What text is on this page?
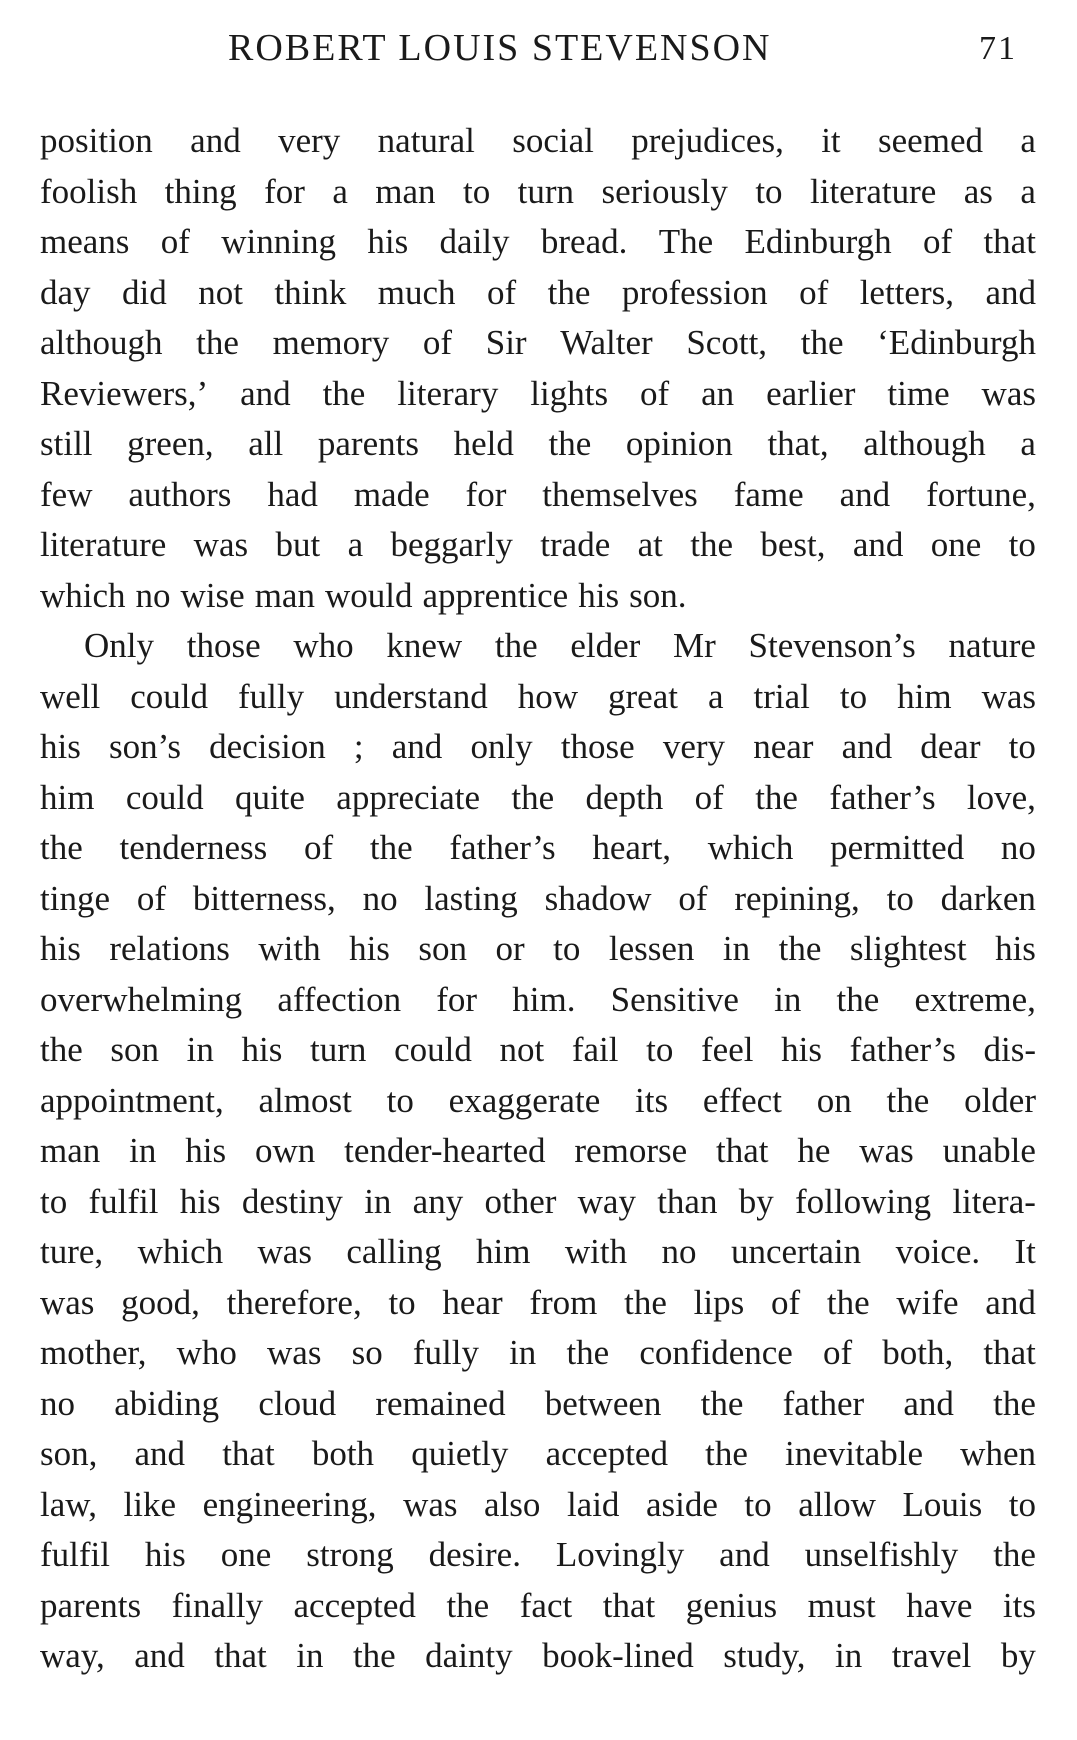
ROBERT LOUIS STEVENSON	71
position and very natural social prejudices, it seemed a
foolish thing for a man to turn seriously to literature as a
means of winning his daily bread. The Edinburgh of that
day did not think much of the profession of letters, and
although the memory of Sir Walter Scott, the ‘Edinburgh
Reviewers,’ and the literary lights of an earlier time was
still green, all parents held the opinion that, although a
few authors had made for themselves fame and fortune,
literature was but a beggarly trade at the best, and one to
which no wise man would apprentice his son.
Only those who knew the elder Mr Stevenson’s nature
well could fully understand how great a trial to him was
his son’s decision ; and only those very near and dear to
him could quite appreciate the depth of the father’s love,
the tenderness of the father’s heart, which permitted no
tinge of bitterness, no lasting shadow of repining, to darken
his relations with his son or to lessen in the slightest his
overwhelming affection for him. Sensitive in the extreme,
the son in his turn could not fail to feel his father’s dis-
appointment, almost to exaggerate its effect on the older
man in his own tender-hearted remorse that he was unable
to fulfil his destiny in any other way than by following litera-
ture, which was calling him with no uncertain voice. It
was good, therefore, to hear from the lips of the wife and
mother, who was so fully in the confidence of both, that
no abiding cloud remained between the father and the
son, and that both quietly accepted the inevitable when
law, like engineering, was also laid aside to allow Louis to
fulfil his one strong desire. Lovingly and unselfishly the
parents finally accepted the fact that genius must have its
way, and that in the dainty book-lined study, in travel by
